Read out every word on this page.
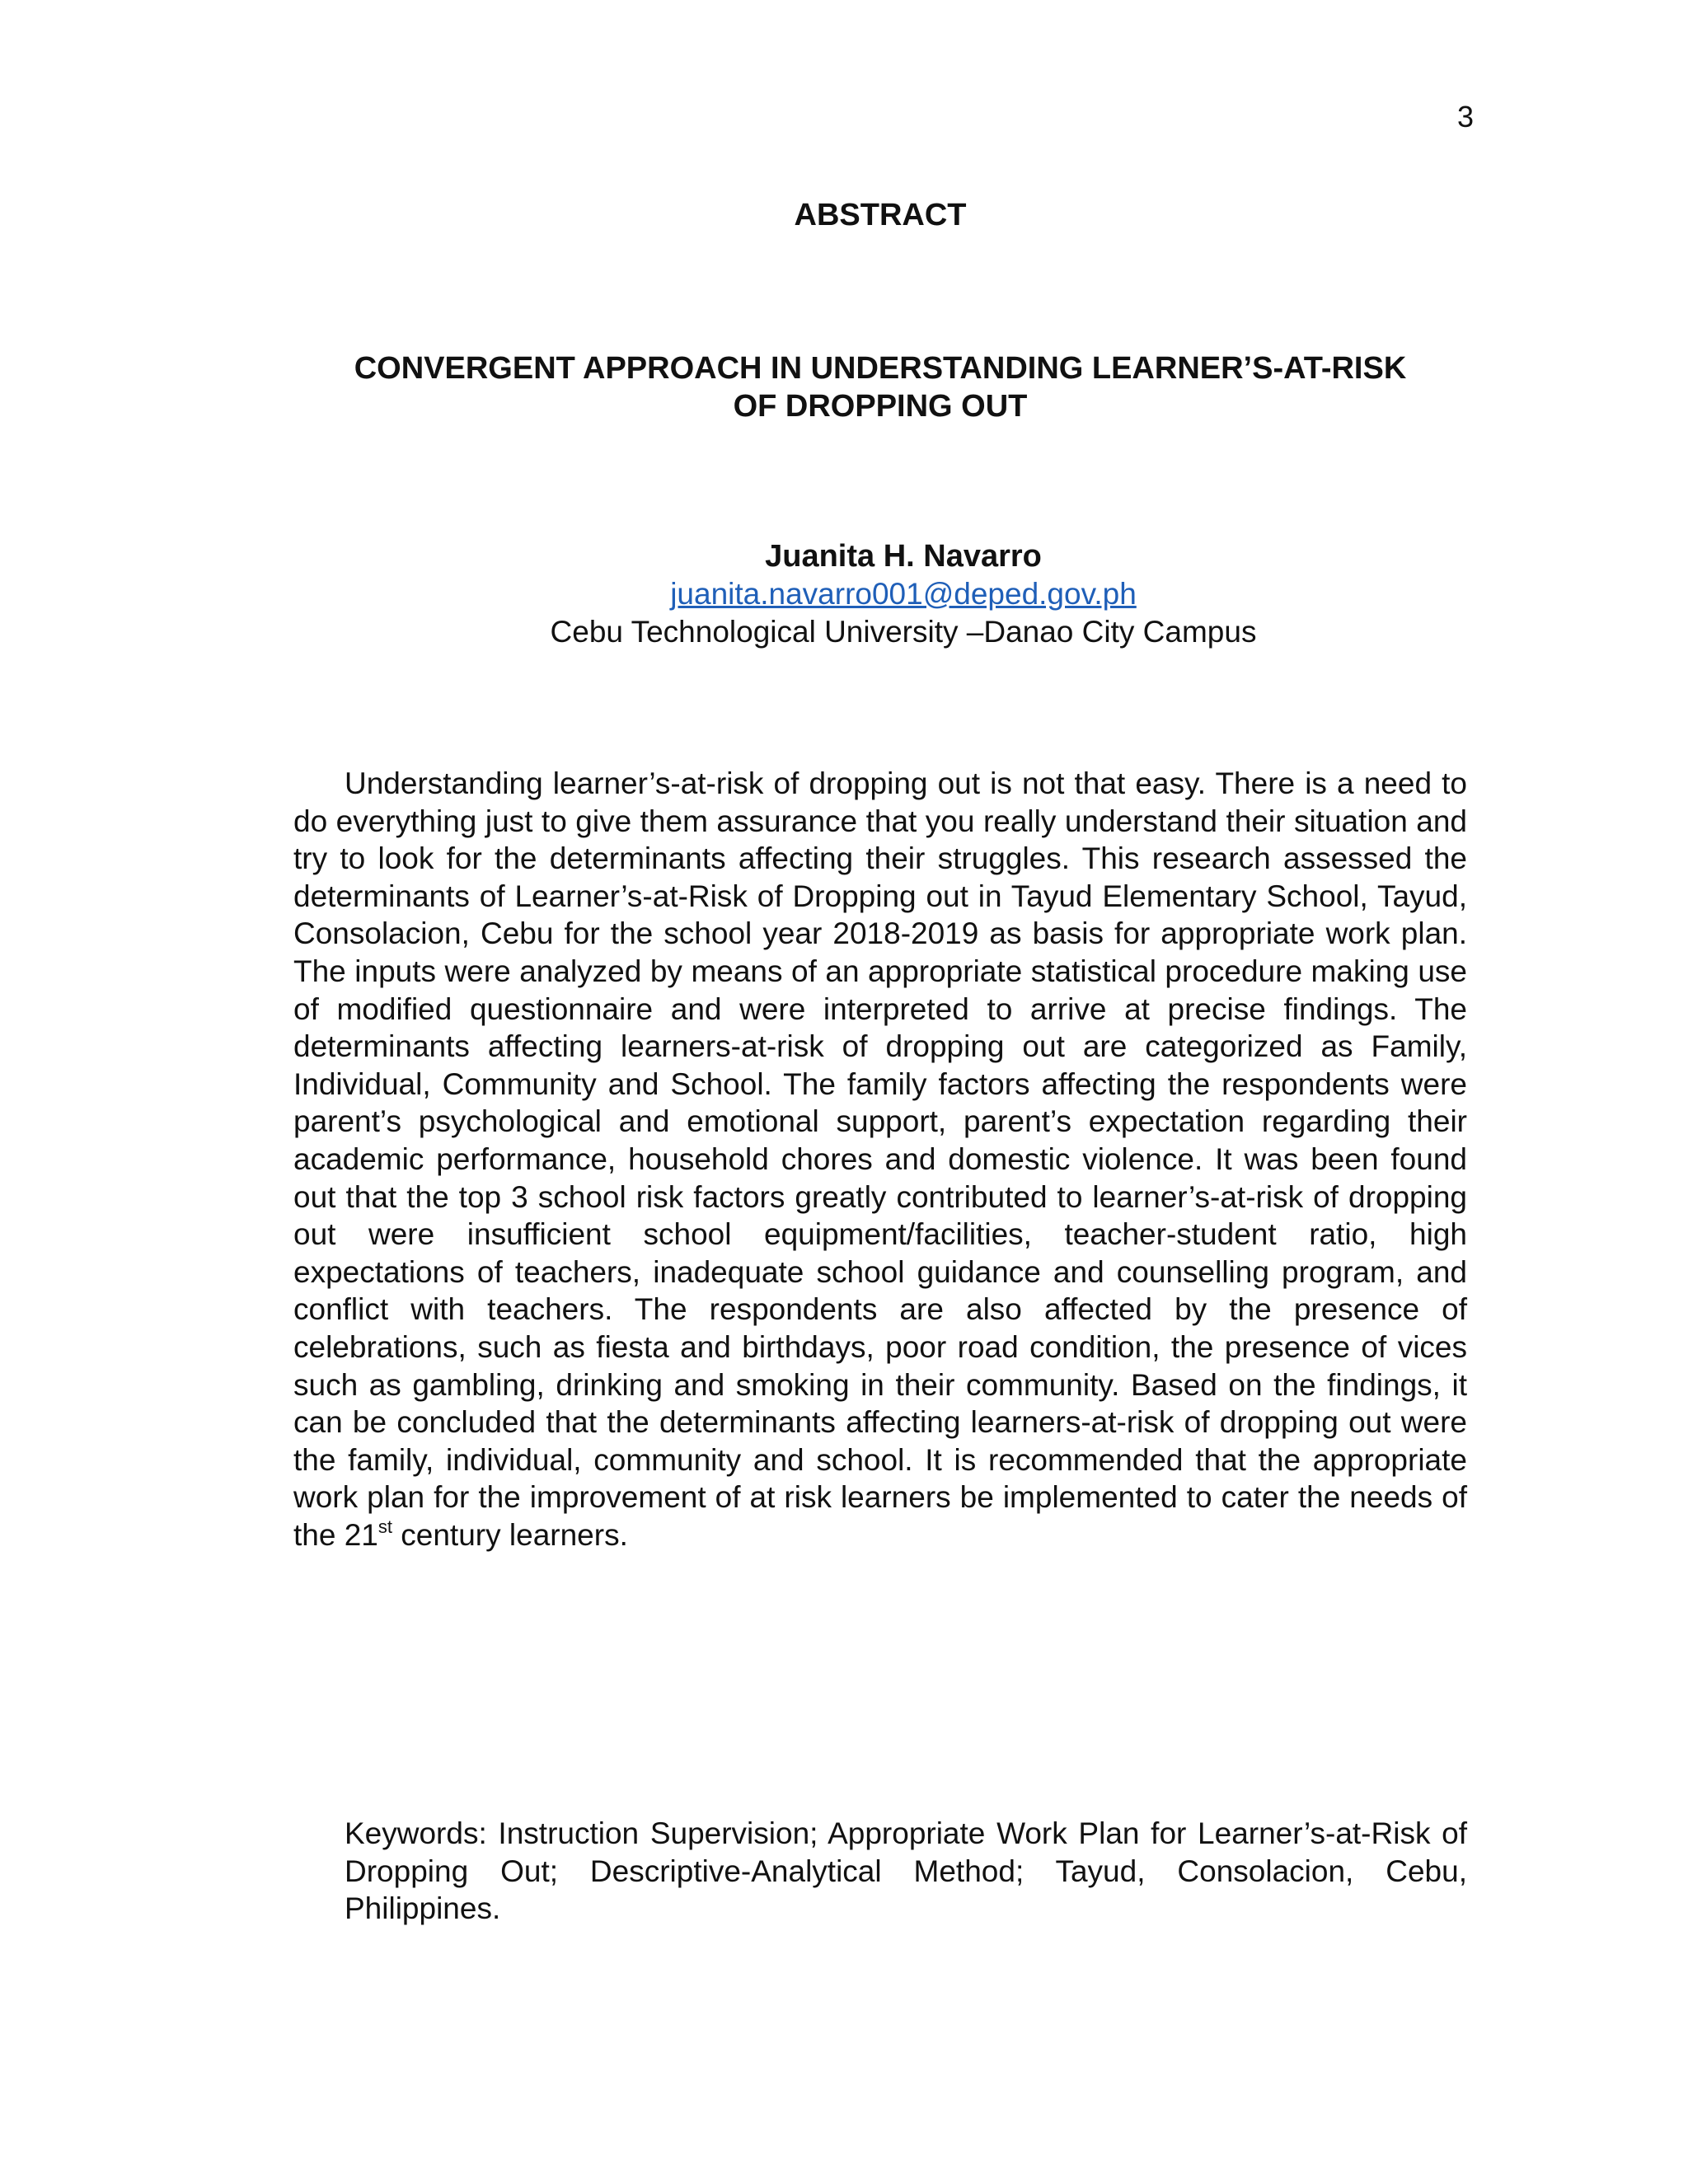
3
ABSTRACT
CONVERGENT APPROACH IN UNDERSTANDING LEARNER’S-AT-RISK
OF DROPPING OUT
Juanita H. Navarro
juanita.navarro001@deped.gov.ph
Cebu Technological University –Danao City Campus

Understanding learner’s-at-risk of dropping out is not that easy. There is a need to do everything just to give them assurance that you really understand their situation and try to look for the determinants affecting their struggles. This research assessed the determinants of Learner’s-at-Risk of Dropping out in Tayud Elementary School, Tayud, Consolacion, Cebu for the school year 2018-2019 as basis for appropriate work plan. The inputs were analyzed by means of an appropriate statistical procedure making use of modified questionnaire and were interpreted to arrive at precise findings. The determinants affecting learners-at-risk of dropping out are categorized as Family, Individual, Community and School. The family factors affecting the respondents were parent’s psychological and emotional support, parent’s expectation regarding their academic performance, household chores and domestic violence. It was been found out that the top 3 school risk factors greatly contributed to learner’s-at-risk of dropping out were insufficient school equipment/facilities, teacher-student ratio, high expectations of teachers, inadequate school guidance and counselling program, and conflict with teachers. The respondents are also affected by the presence of celebrations, such as fiesta and birthdays, poor road condition, the presence of vices such as gambling, drinking and smoking in their community. Based on the findings, it can be concluded that the determinants affecting learners-at-risk of dropping out were the family, individual, community and school. It is recommended that the appropriate work plan for the improvement of at risk learners be implemented to cater the needs of the 21st century learners.

Keywords: Instruction Supervision; Appropriate Work Plan for Learner’s-at-Risk of Dropping Out; Descriptive-Analytical Method; Tayud, Consolacion, Cebu, Philippines.
